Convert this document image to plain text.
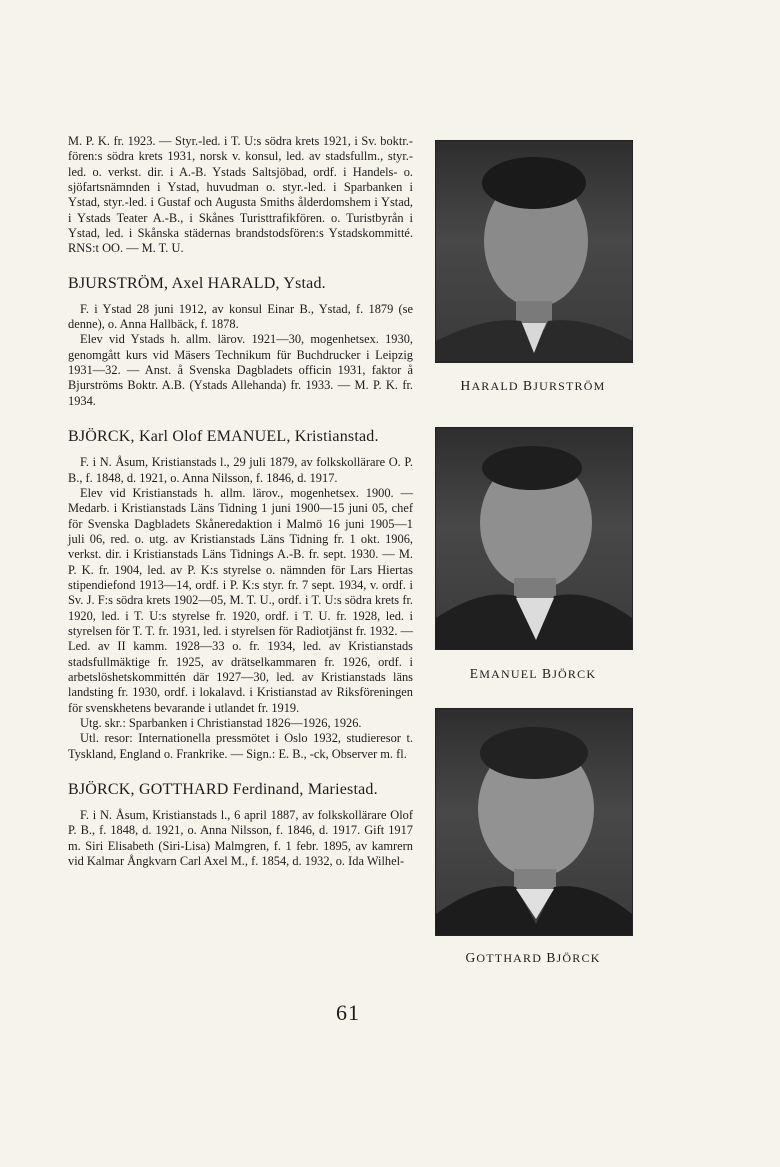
M. P. K. fr. 1923. — Styr.-led. i T. U:s södra krets 1921, i Sv. boktr.-fören:s södra krets 1931, norsk v. konsul, led. av stadsfullm., styr.-led. o. verkst. dir. i A.-B. Ystads Saltsjöbad, ordf. i Handels- o. sjöfartsnämnden i Ystad, huvudman o. styr.-led. i Sparbanken i Ystad, styr.-led. i Gustaf och Augusta Smiths ålderdomshem i Ystad, i Ystads Teater A.-B., i Skånes Turisttrafikfören. o. Turistbyrån i Ystad, led. i Skånska städernas brandstodsfören:s Ystadskommitté. RNS:t OO. — M. T. U.

BJURSTRÖM, Axel HARALD, Ystad.

F. i Ystad 28 juni 1912, av konsul Einar B., Ystad, f. 1879 (se denne), o. Anna Hallbäck, f. 1878.

Elev vid Ystads h. allm. lärov. 1921—30, mogenhetsex. 1930, genomgått kurs vid Mäsers Technikum für Buchdrucker i Leipzig 1931—32. — Anst. å Svenska Dagbladets officin 1931, faktor å Bjurströms Boktr. A.B. (Ystads Allehanda) fr. 1933. — M. P. K. fr. 1934.

BJÖRCK, Karl Olof EMANUEL, Kristianstad.

F. i N. Åsum, Kristianstads l., 29 juli 1879, av folkskollärare O. P. B., f. 1848, d. 1921, o. Anna Nilsson, f. 1846, d. 1917.

Elev vid Kristianstads h. allm. lärov., mogenhetsex. 1900. — Medarb. i Kristianstads Läns Tidning 1 juni 1900—15 juni 05, chef för Svenska Dagbladets Skåneredaktion i Malmö 16 juni 1905—1 juli 06, red. o. utg. av Kristianstads Läns Tidning fr. 1 okt. 1906, verkst. dir. i Kristianstads Läns Tidnings A.-B. fr. sept. 1930. — M. P. K. fr. 1904, led. av P. K:s styrelse o. nämnden för Lars Hiertas stipendiefond 1913—14, ordf. i P. K:s styr. fr. 7 sept. 1934, v. ordf. i Sv. J. F:s södra krets 1902—05, M. T. U., ordf. i T. U:s södra krets fr. 1920, led. i T. U:s styrelse fr. 1920, ordf. i T. U. fr. 1928, led. i styrelsen för T. T. fr. 1931, led. i styrelsen för Radiotjänst fr. 1932. — Led. av II kamm. 1928—33 o. fr. 1934, led. av Kristianstads stadsfullmäktige fr. 1925, av drätselkammaren fr. 1926, ordf. i arbetslöshetskommittén där 1927—30, led. av Kristianstads läns landsting fr. 1930, ordf. i lokalavd. i Kristianstad av Riksföreningen för svenskhetens bevarande i utlandet fr. 1919.

Utg. skr.: Sparbanken i Christianstad 1826—1926, 1926.

Utl. resor: Internationella pressmötet i Oslo 1932, studieresor t. Tyskland, England o. Frankrike. — Sign.: E. B., -ck, Observer m. fl.

BJÖRCK, GOTTHARD Ferdinand, Mariestad.

F. i N. Åsum, Kristianstads l., 6 april 1887, av folkskollärare Olof P. B., f. 1848, d. 1921, o. Anna Nilsson, f. 1846, d. 1917. Gift 1917 m. Siri Elisabeth (Siri-Lisa) Malmgren, f. 1 febr. 1895, av kamrern vid Kalmar Ångkvarn Carl Axel M., f. 1854, d. 1932, o. Ida Wilhel-

HARALD BJURSTRÖM
EMANUEL BJÖRCK
GOTTHARD BJÖRCK
61
